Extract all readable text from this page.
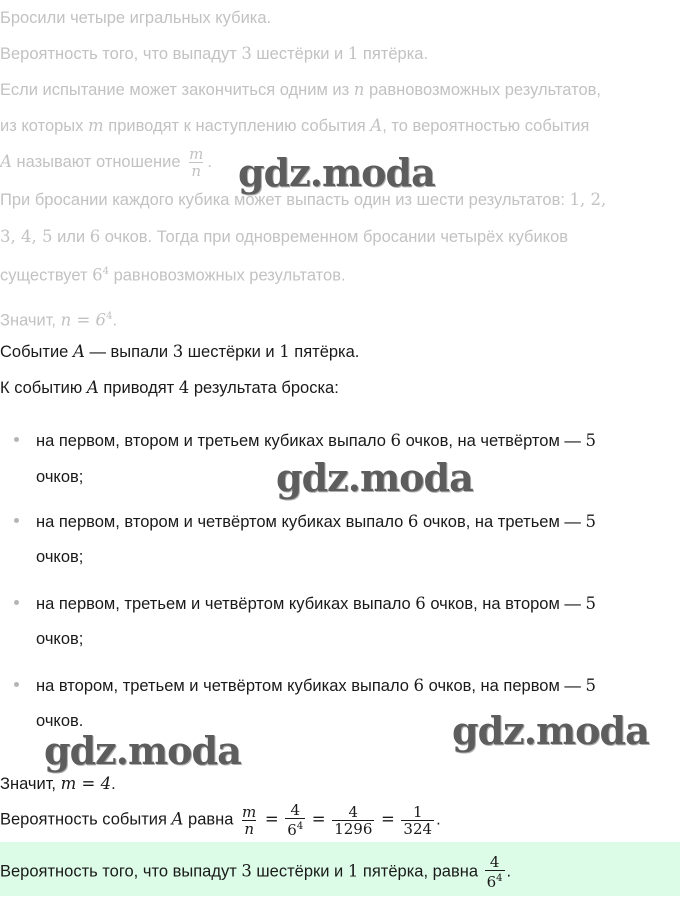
Бросили четыре игральных кубика.
Вероятность того, что выпадут 3 шестёрки и 1 пятёрка.
Если испытание может закончиться одним из n равновозможных результатов,
из которых m приводят к наступлению события A, то вероятностью события
A называют отношение $\frac{m}{n}$ .
При бросании каждого кубика может выпасть один из шести результатов: 1, 2,
3, 4, 5 или 6 очков. Тогда при одновременном бросании четырёх кубиков
существует $6^4$ равновозможных результатов.
Значит, $n = 6^4$.
Событие A — выпали 3 шестёрки и 1 пятёрка.
К событию A приводят 4 результата броска:
на первом, втором и третьем кубиках выпало 6 очков, на четвёртом — 5
очков;
на первом, втором и четвёртом кубиках выпало 6 очков, на третьем — 5
очков;
на первом, третьем и четвёртом кубиках выпало 6 очков, на втором — 5
очков;
на втором, третьем и четвёртом кубиках выпало 6 очков, на первом — 5
очков.
Значит, m = 4.
Вероятность события A равна $\frac{m}{n} = \frac{4}{6^4} = \frac{4}{1296} = \frac{1}{324}$ .
Вероятность того, что выпадут 3 шестёрки и 1 пятёрка, равна $\frac{4}{6^4}$ .
gdz.moda
gdz.moda
gdz.moda
gdz.moda
